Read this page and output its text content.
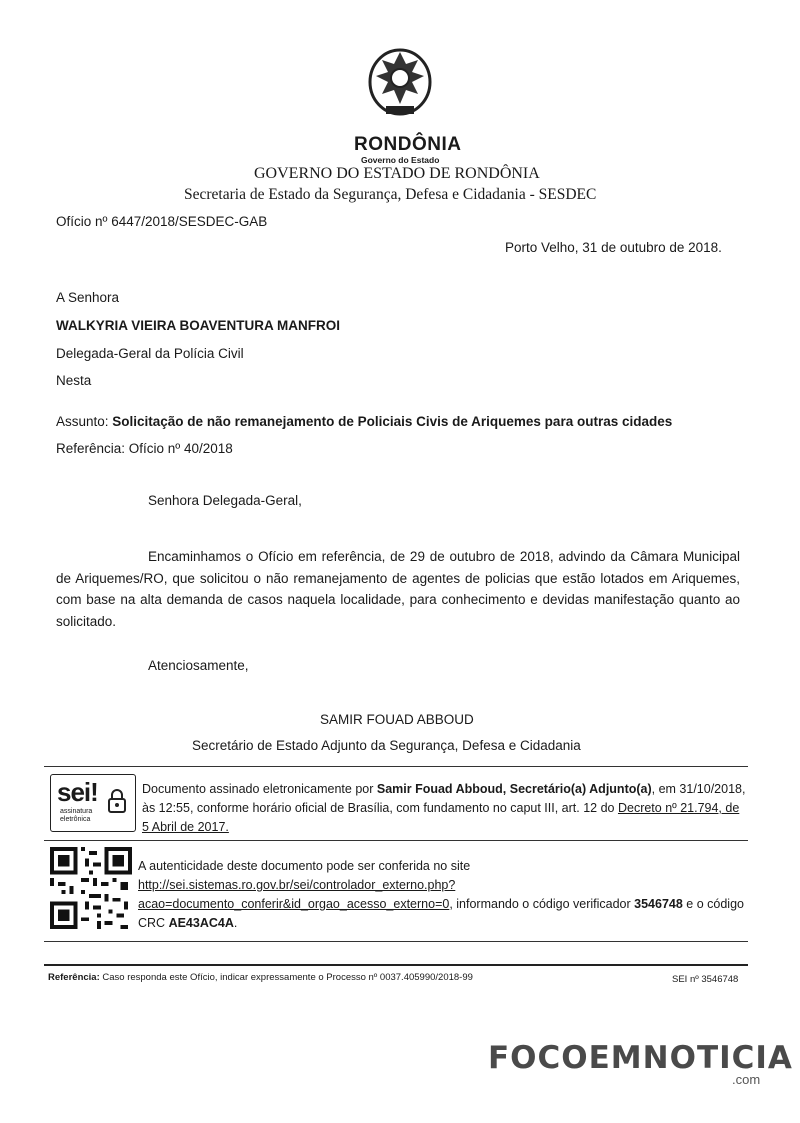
RONDÔNIA
Governo do Estado
GOVERNO DO ESTADO DE RONDÔNIA
Secretaria de Estado da Segurança, Defesa e Cidadania - SESDEC
Ofício nº 6447/2018/SESDEC-GAB
Porto Velho, 31 de outubro de 2018.
A Senhora
WALKYRIA VIEIRA BOAVENTURA MANFROI
Delegada-Geral da Polícia Civil
Nesta
Assunto: Solicitação de não remanejamento de Policiais Civis de Ariquemes para outras cidades
Referência: Ofício nº 40/2018
Senhora Delegada-Geral,
Encaminhamos o Ofício em referência, de 29 de outubro de 2018, advindo da Câmara Municipal de Ariquemes/RO, que solicitou o não remanejamento de agentes de policias que estão lotados em Ariquemes, com base na alta demanda de casos naquela localidade, para conhecimento e devidas manifestação quanto ao solicitado.
Atenciosamente,
SAMIR FOUAD ABBOUD
Secretário de Estado Adjunto da Segurança, Defesa e Cidadania
sei!
assinatura
eletrônica
Documento assinado eletronicamente por Samir Fouad Abboud, Secretário(a) Adjunto(a), em 31/10/2018, às 12:55, conforme horário oficial de Brasília, com fundamento no caput III, art. 12 do Decreto nº 21.794, de 5 Abril de 2017.
A autenticidade deste documento pode ser conferida no site
http://sei.sistemas.ro.gov.br/sei/controlador_externo.php?
acao=documento_conferir&id_orgao_acesso_externo=0, informando o código verificador 3546748 e o código CRC AE43AC4A.
Referência: Caso responda este Ofício, indicar expressamente o Processo nº 0037.405990/2018-99	SEI nº 3546748
FOCOEMNOTICIA
.com
